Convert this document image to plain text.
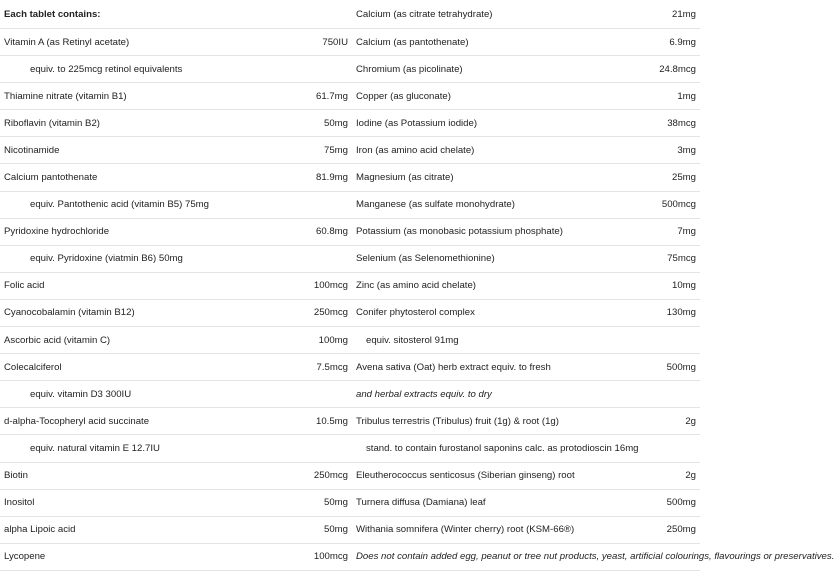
Each tablet contains:		Calcium (as citrate tetrahydrate)	21mg
Vitamin A (as Retinyl acetate)	750IU	Calcium (as pantothenate)	6.9mg
equiv. to 225mcg retinol equivalents		Chromium (as picolinate)	24.8mcg
Thiamine nitrate (vitamin B1)	61.7mg	Copper (as gluconate)	1mg
Riboflavin (vitamin B2)	50mg	Iodine (as Potassium iodide)	38mcg
Nicotinamide	75mg	Iron (as amino acid chelate)	3mg
Calcium pantothenate	81.9mg	Magnesium (as citrate)	25mg
equiv. Pantothenic acid (vitamin B5) 75mg		Manganese (as sulfate monohydrate)	500mcg
Pyridoxine hydrochloride	60.8mg	Potassium (as monobasic potassium phosphate)	7mg
equiv. Pyridoxine (viatmin B6) 50mg		Selenium (as Selenomethionine)	75mcg
Folic acid	100mcg	Zinc (as amino acid chelate)	10mg
Cyanocobalamin (vitamin B12)	250mcg	Conifer phytosterol complex	130mg
Ascorbic acid (vitamin C)	100mg	equiv. sitosterol 91mg	
Colecalciferol	7.5mcg	Avena sativa (Oat) herb extract equiv. to fresh	500mg
equiv. vitamin D3 300IU		and herbal extracts equiv. to dry	
d-alpha-Tocopheryl acid succinate	10.5mg	Tribulus terrestris (Tribulus) fruit (1g) & root (1g)	2g
equiv. natural vitamin E 12.7IU		stand. to contain furostanol saponins calc. as protodioscin 16mg	
Biotin	250mcg	Eleutherococcus senticosus (Siberian ginseng) root	2g
Inositol	50mg	Turnera diffusa (Damiana) leaf	500mg
alpha Lipoic acid	50mg	Withania somnifera (Winter cherry) root (KSM-66®)	250mg
Lycopene	100mcg	Does not contain added egg, peanut or tree nut products, yeast, artificial colourings, flavourings or preservatives.	
